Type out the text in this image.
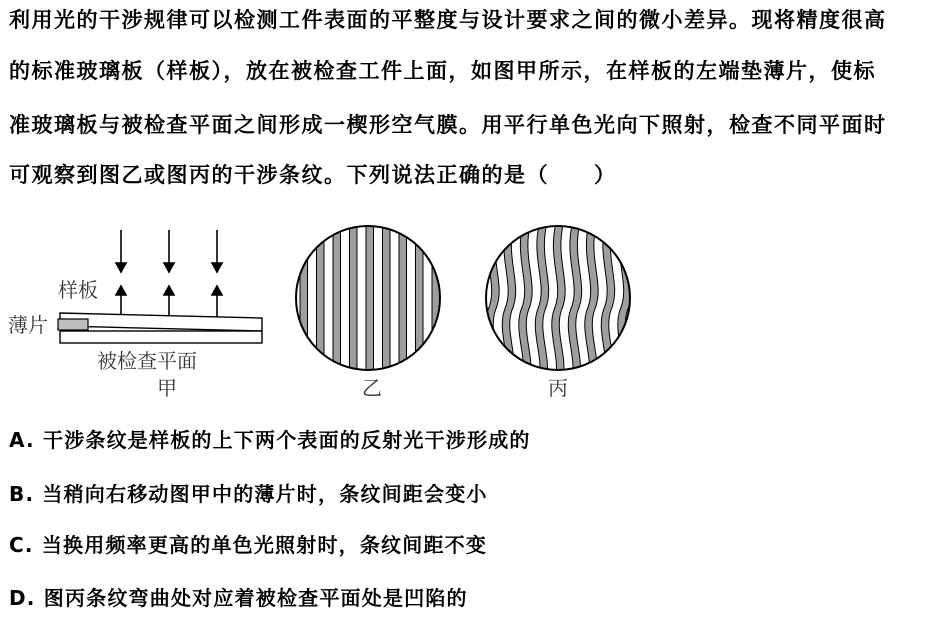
利用光的干涉规律可以检测工件表面的平整度与设计要求之间的微小差异。现将精度很高
的标准玻璃板（样板），放在被检查工件上面，如图甲所示，在样板的左端垫薄片，使标
准玻璃板与被检查平面之间形成一楔形空气膜。用平行单色光向下照射，检查不同平面时
可观察到图乙或图丙的干涉条纹。下列说法正确的是（　　）
样板
薄片
被检查平面
甲	乙	丙
A. 干涉条纹是样板的上下两个表面的反射光干涉形成的
B. 当稍向右移动图甲中的薄片时，条纹间距会变小
C. 当换用频率更高的单色光照射时，条纹间距不变
D. 图丙条纹弯曲处对应着被检查平面处是凹陷的
